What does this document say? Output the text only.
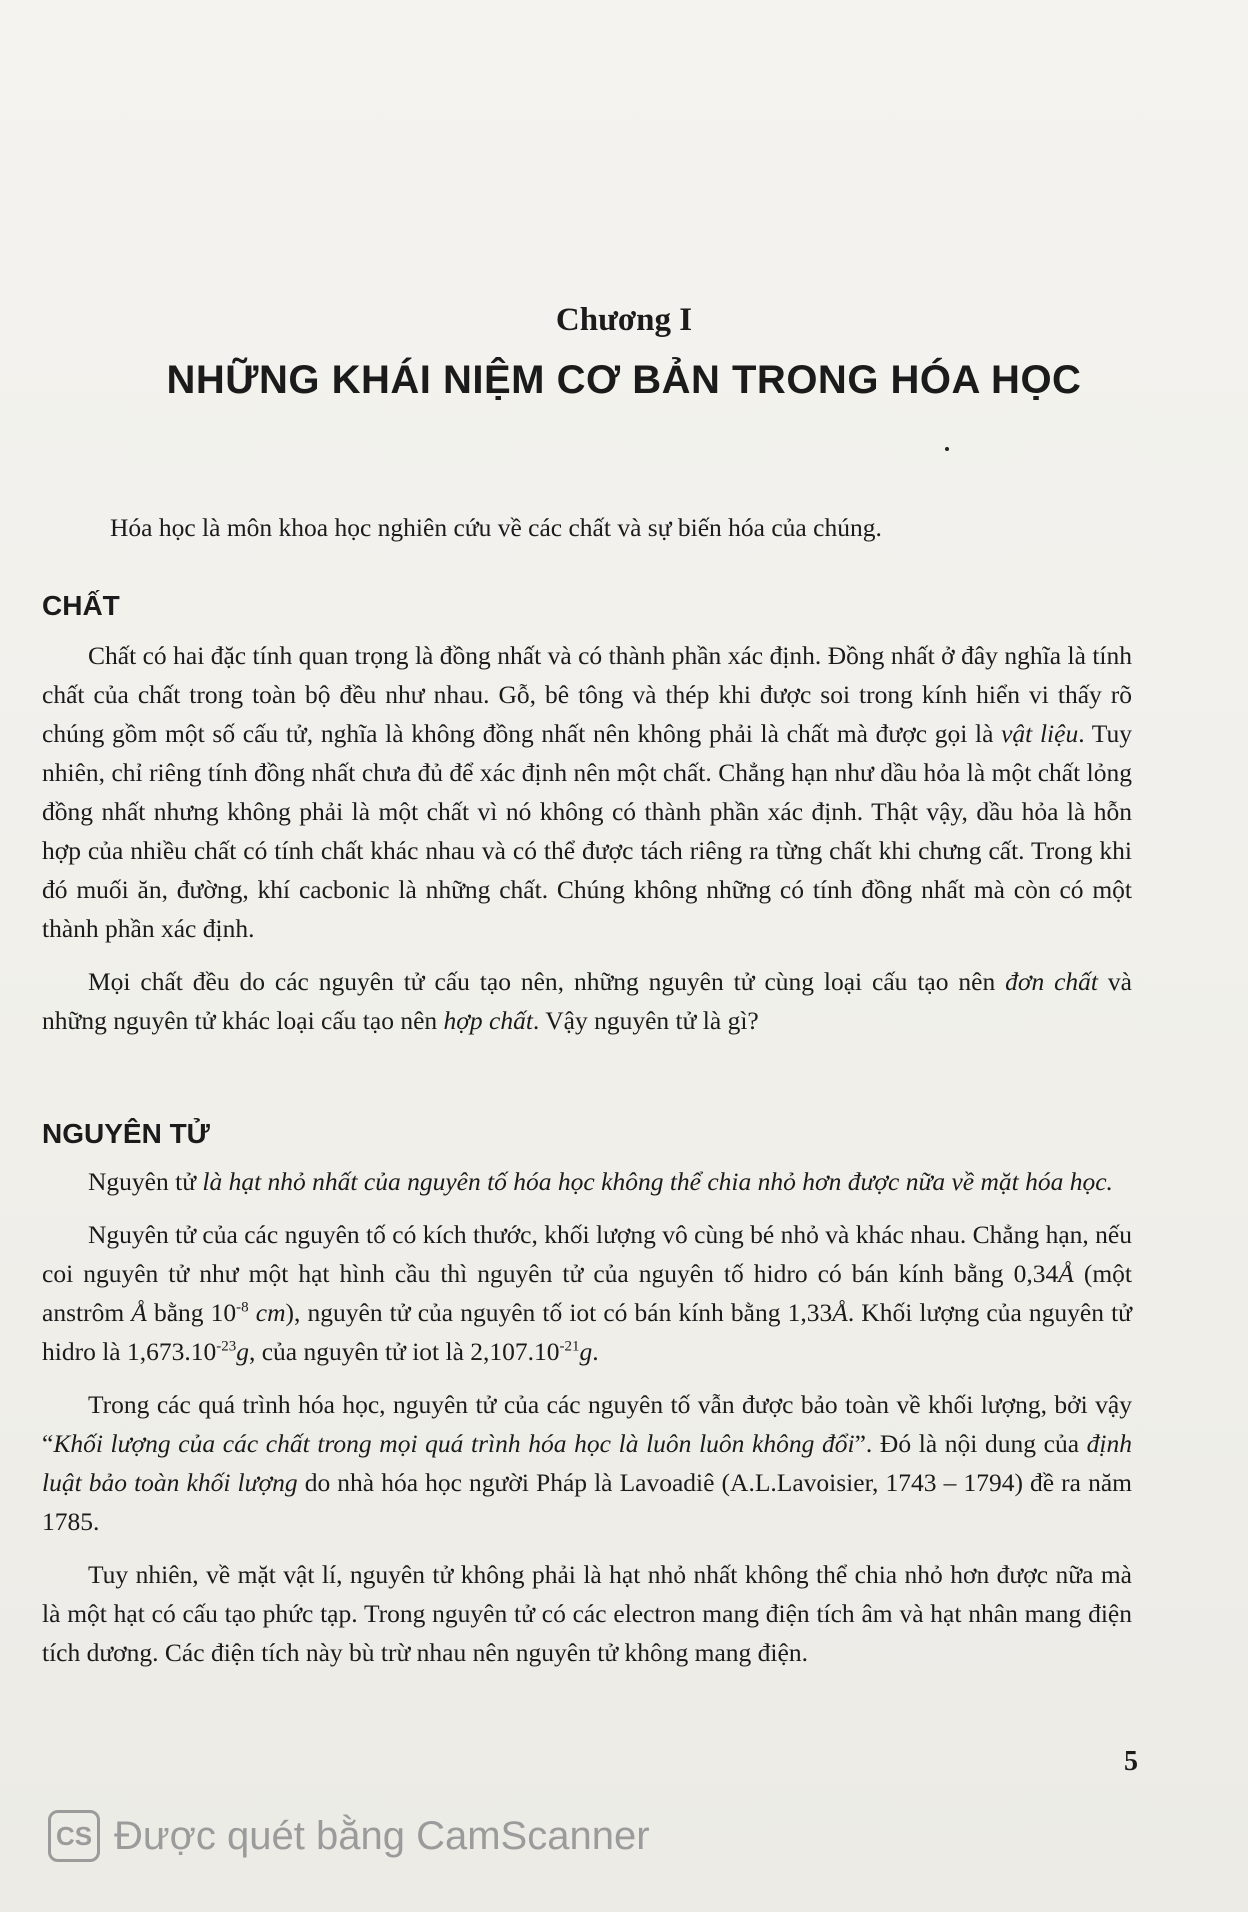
Chương I
NHỮNG KHÁI NIỆM CƠ BẢN TRONG HÓA HỌC
Hóa học là môn khoa học nghiên cứu về các chất và sự biến hóa của chúng.
CHẤT

Chất có hai đặc tính quan trọng là đồng nhất và có thành phần xác định. Đồng nhất ở đây nghĩa là tính chất của chất trong toàn bộ đều như nhau. Gỗ, bê tông và thép khi được soi trong kính hiển vi thấy rõ chúng gồm một số cấu tử, nghĩa là không đồng nhất nên không phải là chất mà được gọi là vật liệu. Tuy nhiên, chỉ riêng tính đồng nhất chưa đủ để xác định nên một chất. Chẳng hạn như dầu hỏa là một chất lỏng đồng nhất nhưng không phải là một chất vì nó không có thành phần xác định. Thật vậy, dầu hỏa là hỗn hợp của nhiều chất có tính chất khác nhau và có thể được tách riêng ra từng chất khi chưng cất. Trong khi đó muối ăn, đường, khí cacbonic là những chất. Chúng không những có tính đồng nhất mà còn có một thành phần xác định.

Mọi chất đều do các nguyên tử cấu tạo nên, những nguyên tử cùng loại cấu tạo nên đơn chất và những nguyên tử khác loại cấu tạo nên hợp chất. Vậy nguyên tử là gì?

NGUYÊN TỬ

Nguyên tử là hạt nhỏ nhất của nguyên tố hóa học không thể chia nhỏ hơn được nữa về mặt hóa học.

Nguyên tử của các nguyên tố có kích thước, khối lượng vô cùng bé nhỏ và khác nhau. Chẳng hạn, nếu coi nguyên tử như một hạt hình cầu thì nguyên tử của nguyên tố hidro có bán kính bằng 0,34Å (một anstrôm Å bằng $10^{-8}$ cm), nguyên tử của nguyên tố iot có bán kính bằng 1,33Å. Khối lượng của nguyên tử hidro là $1,673.10^{-23}g$, của nguyên tử iot là $2,107.10^{-21}g$.

Trong các quá trình hóa học, nguyên tử của các nguyên tố vẫn được bảo toàn về khối lượng, bởi vậy “Khối lượng của các chất trong mọi quá trình hóa học là luôn luôn không đổi”. Đó là nội dung của định luật bảo toàn khối lượng do nhà hóa học người Pháp là Lavoadiê (A.L.Lavoisier, 1743 – 1794) đề ra năm 1785.

Tuy nhiên, về mặt vật lí, nguyên tử không phải là hạt nhỏ nhất không thể chia nhỏ hơn được nữa mà là một hạt có cấu tạo phức tạp. Trong nguyên tử có các electron mang điện tích âm và hạt nhân mang điện tích dương. Các điện tích này bù trừ nhau nên nguyên tử không mang điện.

5
CS Được quét bằng CamScanner
